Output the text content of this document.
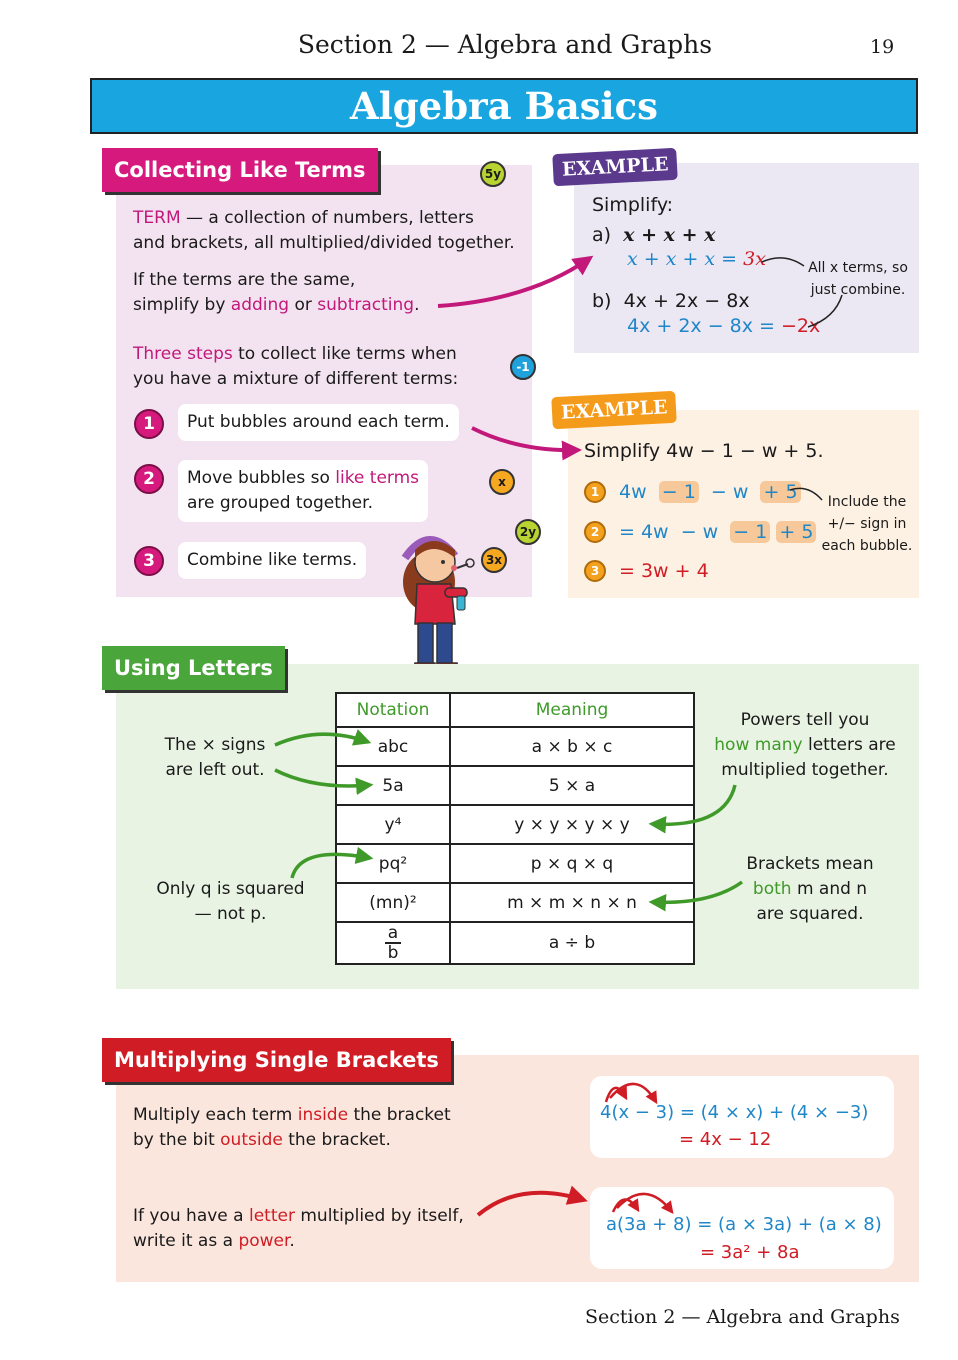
Section 2 — Algebra and Graphs	19
Algebra Basics
Collecting Like Terms
TERM — a collection of numbers, letters
and brackets, all multiplied/divided together.
If the terms are the same,
simplify by adding or subtracting.
Three steps to collect like terms when
you have a mixture of different terms:
1	Put bubbles around each term.
2	Move bubbles so like terms
are grouped together.
3	Combine like terms.
5y
-1
x
2y
3x
EXAMPLE
Simplify:
a) x + x + x
x + x + x = 3x
b) 4x + 2x − 8x
4x + 2x − 8x = −2x
All x terms, so
just combine.
EXAMPLE
Simplify 4w − 1 − w + 5.
1	4w − 1 − w + 5
2	= 4w − w − 1 + 5
3	= 3w + 4
Include the
+/− sign in
each bubble.
Using Letters
The × signs
are left out.
Only q is squared
— not p.
Powers tell you
how many letters are
multiplied together.
Brackets mean
both m and n
are squared.
Notation	Meaning
abc	a × b × c
5a	5 × a
y⁴	y × y × y × y
pq²	p × q × q
(mn)²	m × m × n × n
a
b	a ÷ b
Multiplying Single Brackets
Multiply each term inside the bracket
by the bit outside the bracket.
If you have a letter multiplied by itself,
write it as a power.
4(x − 3) = (4 × x) + (4 × −3)
= 4x − 12
a(3a + 8) = (a × 3a) + (a × 8)
= 3a² + 8a
Section 2 — Algebra and Graphs
